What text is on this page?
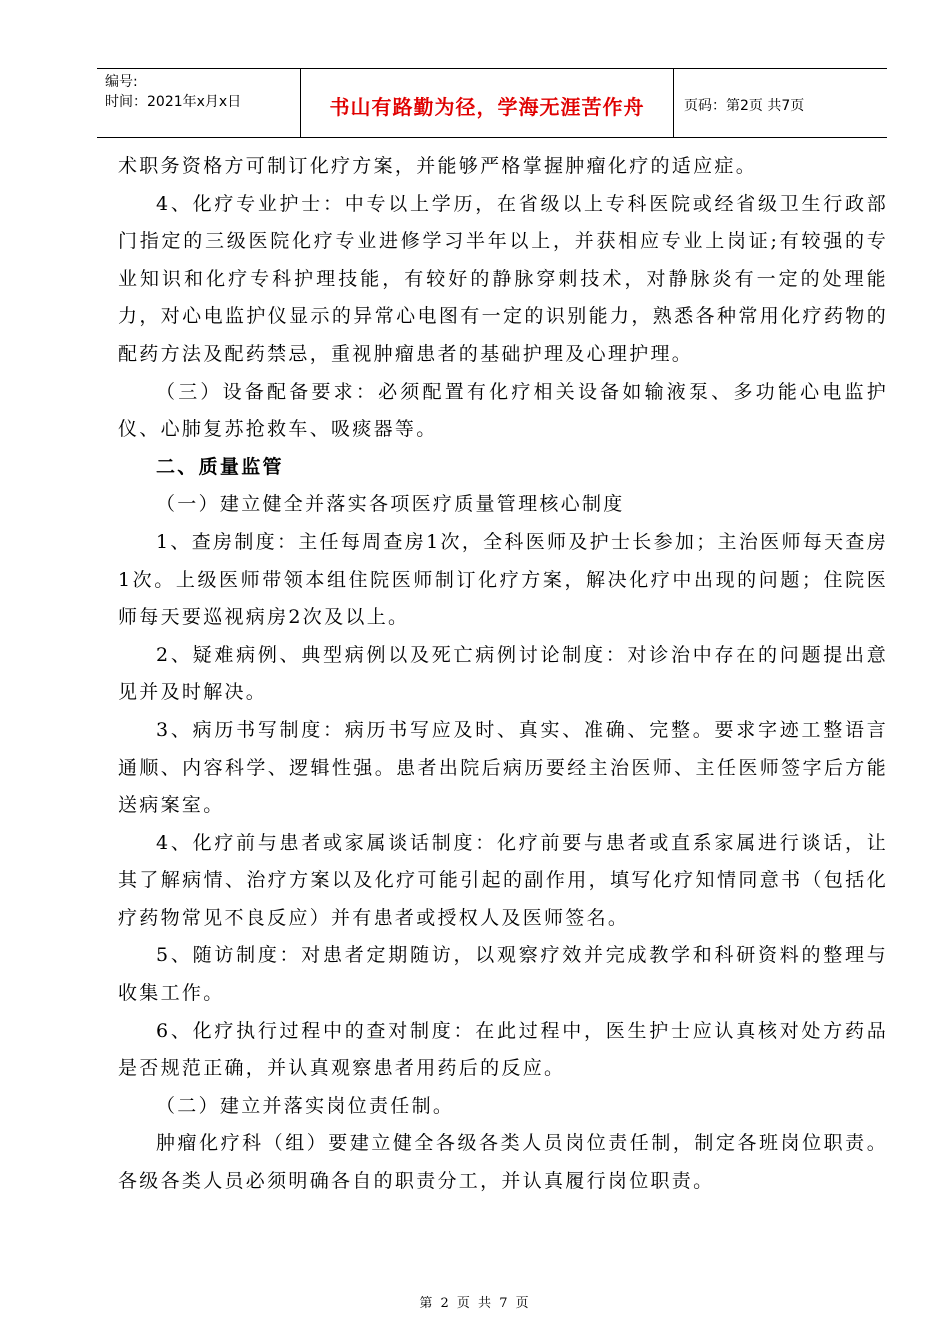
编号:
时间：2021年x月x日	书山有路勤为径，学海无涯苦作舟	页码：第2页 共7页

术职务资格方可制订化疗方案，并能够严格掌握肿瘤化疗的适应症。

4、化疗专业护士：中专以上学历，在省级以上专科医院或经省级卫生行政部门指定的三级医院化疗专业进修学习半年以上，并获相应专业上岗证;有较强的专业知识和化疗专科护理技能，有较好的静脉穿刺技术，对静脉炎有一定的处理能力，对心电监护仪显示的异常心电图有一定的识别能力，熟悉各种常用化疗药物的配药方法及配药禁忌，重视肿瘤患者的基础护理及心理护理。

（三）设备配备要求：必须配置有化疗相关设备如输液泵、多功能心电监护仪、心肺复苏抢救车、吸痰器等。

二、质量监管

（一）建立健全并落实各项医疗质量管理核心制度

1、查房制度：主任每周查房1次，全科医师及护士长参加；主治医师每天查房1次。上级医师带领本组住院医师制订化疗方案，解决化疗中出现的问题；住院医师每天要巡视病房2次及以上。

2、疑难病例、典型病例以及死亡病例讨论制度：对诊治中存在的问题提出意见并及时解决。

3、病历书写制度：病历书写应及时、真实、准确、完整。要求字迹工整语言通顺、内容科学、逻辑性强。患者出院后病历要经主治医师、主任医师签字后方能送病案室。

4、化疗前与患者或家属谈话制度：化疗前要与患者或直系家属进行谈话，让其了解病情、治疗方案以及化疗可能引起的副作用，填写化疗知情同意书（包括化疗药物常见不良反应）并有患者或授权人及医师签名。

5、随访制度：对患者定期随访，以观察疗效并完成教学和科研资料的整理与收集工作。

6、化疗执行过程中的查对制度：在此过程中，医生护士应认真核对处方药品是否规范正确，并认真观察患者用药后的反应。

（二）建立并落实岗位责任制。

肿瘤化疗科（组）要建立健全各级各类人员岗位责任制，制定各班岗位职责。各级各类人员必须明确各自的职责分工，并认真履行岗位职责。

第 2 页 共 7 页
